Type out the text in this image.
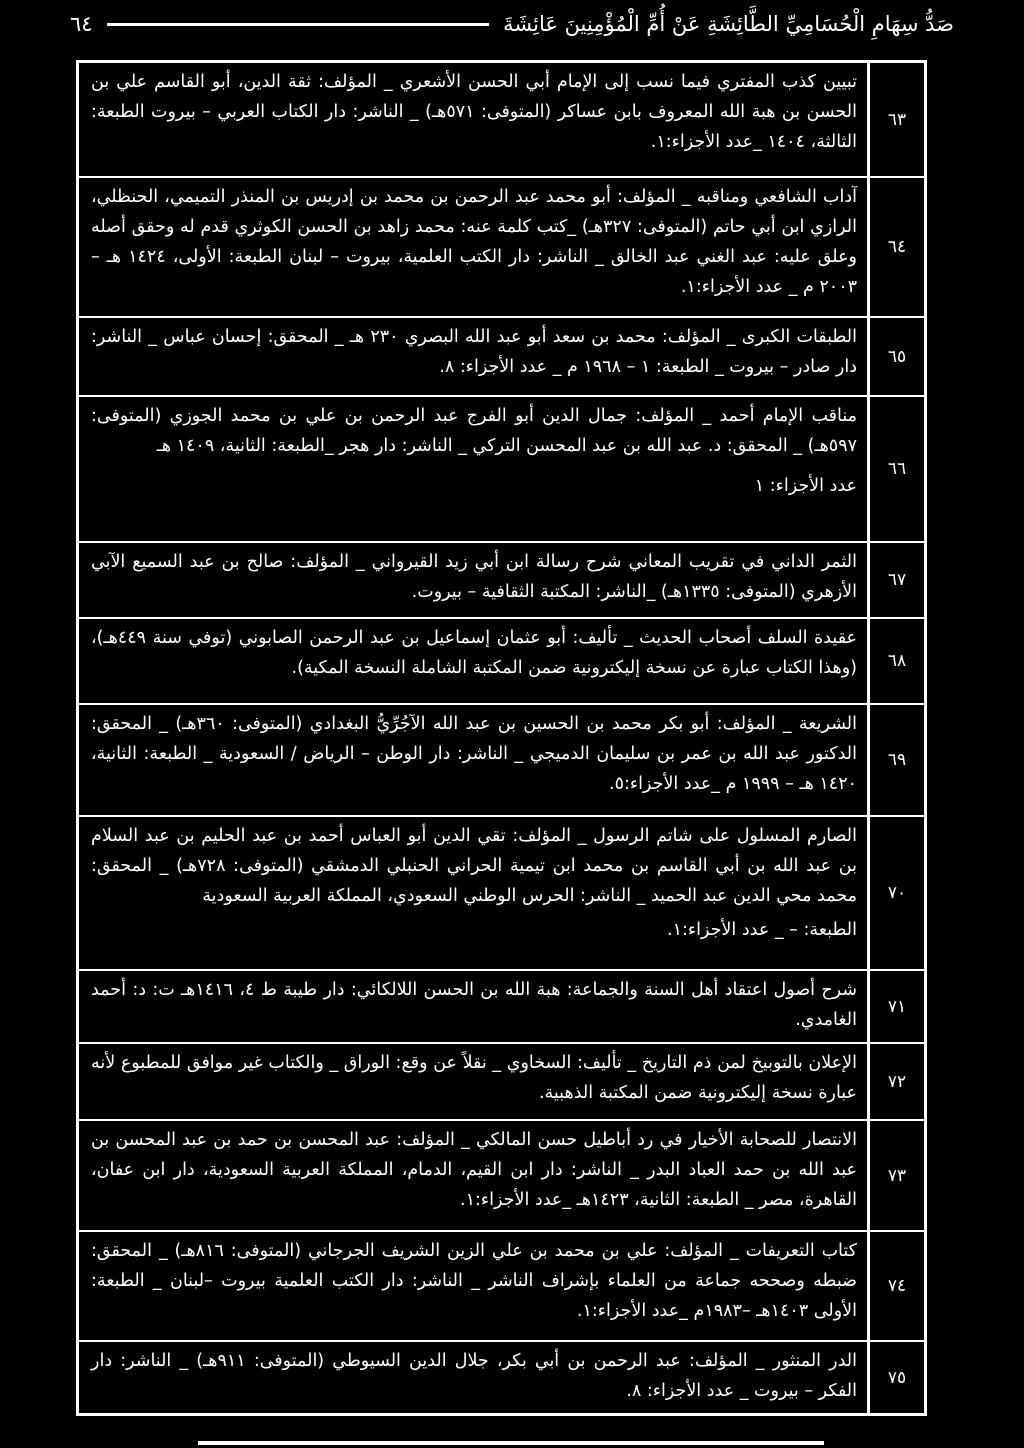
صَدُّ سِهَامِ الْحُسَامِيِّ الطَّائِشَةِ عَنْ أُمِّ الْمُؤْمِنِينَ عَائِشَةَ
٦٤
٦٣
تبيين كذب المفتري فيما نسب إلى الإمام أبي الحسن الأشعري _ المؤلف: ثقة الدين، أبو القاسم علي بن الحسن بن هبة الله المعروف بابن عساكر (المتوفى: ٥٧١هـ) _ الناشر: دار الكتاب العربي – بيروت الطبعة: الثالثة، ١٤٠٤ _عدد الأجزاء:١.
٦٤
آداب الشافعي ومناقبه _ المؤلف: أبو محمد عبد الرحمن بن محمد بن إدريس بن المنذر التميمي، الحنظلي، الرازي ابن أبي حاتم (المتوفى: ٣٢٧هـ) _كتب كلمة عنه: محمد زاهد بن الحسن الكوثري قدم له وحقق أصله وعلق عليه: عبد الغني عبد الخالق _ الناشر: دار الكتب العلمية، بيروت – لبنان الطبعة: الأولى، ١٤٢٤ هـ – ٢٠٠٣ م _ عدد الأجزاء:١.
٦٥
الطبقات الكبرى _ المؤلف: محمد بن سعد أبو عبد الله البصري ٢٣٠ هـ _ المحقق: إحسان عباس _ الناشر: دار صادر – بيروت _ الطبعة: ١ – ١٩٦٨ م _ عدد الأجزاء: ٨.
٦٦
مناقب الإمام أحمد _ المؤلف: جمال الدين أبو الفرج عبد الرحمن بن علي بن محمد الجوزي (المتوفى: ٥٩٧هـ) _ المحقق: د. عبد الله بن عبد المحسن التركي _ الناشر: دار هجر _الطبعة: الثانية، ١٤٠٩ هـ
عدد الأجزاء: ١
٦٧
الثمر الداني في تقريب المعاني شرح رسالة ابن أبي زيد القيرواني _ المؤلف: صالح بن عبد السميع الآبي الأزهري (المتوفى: ١٣٣٥هـ) _الناشر: المكتبة الثقافية – بيروت.
٦٨
عقيدة السلف أصحاب الحديث _ تأليف: أبو عثمان إسماعيل بن عبد الرحمن الصابوني (توفي سنة ٤٤٩هـ)، (وهذا الكتاب عبارة عن نسخة إليكترونية ضمن المكتبة الشاملة النسخة المكية).
٦٩
الشريعة _ المؤلف: أبو بكر محمد بن الحسين بن عبد الله الآجُرِّيُّ البغدادي (المتوفى: ٣٦٠هـ) _ المحقق: الدكتور عبد الله بن عمر بن سليمان الدميجي _ الناشر: دار الوطن – الرياض / السعودية _ الطبعة: الثانية، ١٤٢٠ هـ – ١٩٩٩ م _عدد الأجزاء:٥.
٧٠
الصارم المسلول على شاتم الرسول _ المؤلف: تقي الدين أبو العباس أحمد بن عبد الحليم بن عبد السلام بن عبد الله بن أبي القاسم بن محمد ابن تيمية الحراني الحنبلي الدمشقي (المتوفى: ٧٢٨هـ) _ المحقق: محمد محي الدين عبد الحميد _ الناشر: الحرس الوطني السعودي، المملكة العربية السعودية
الطبعة: – _ عدد الأجزاء:١.
٧١
شرح أصول اعتقاد أهل السنة والجماعة: هبة الله بن الحسن اللالكائي: دار طيبة ط ٤، ١٤١٦هـ ت: د: أحمد الغامدي.
٧٢
الإعلان بالتوبيخ لمن ذم التاريخ _ تأليف: السخاوي _ نقلاً عن وقع: الوراق _ والكتاب غير موافق للمطبوع لأنه عبارة نسخة إليكترونية ضمن المكتبة الذهبية.
٧٣
الانتصار للصحابة الأخيار في رد أباطيل حسن المالكي _ المؤلف: عبد المحسن بن حمد بن عبد المحسن بن عبد الله بن حمد العباد البدر _ الناشر: دار ابن القيم، الدمام، المملكة العربية السعودية، دار ابن عفان، القاهرة، مصر _ الطبعة: الثانية، ١٤٢٣هـ _عدد الأجزاء:١.
٧٤
كتاب التعريفات _ المؤلف: علي بن محمد بن علي الزين الشريف الجرجاني (المتوفى: ٨١٦هـ) _ المحقق: ضبطه وصححه جماعة من العلماء بإشراف الناشر _ الناشر: دار الكتب العلمية بيروت –لبنان _ الطبعة: الأولى ١٤٠٣هـ –١٩٨٣م _عدد الأجزاء:١.
٧٥
الدر المنثور _ المؤلف: عبد الرحمن بن أبي بكر، جلال الدين السيوطي (المتوفى: ٩١١هـ) _ الناشر: دار الفكر – بيروت _ عدد الأجزاء: ٨.
